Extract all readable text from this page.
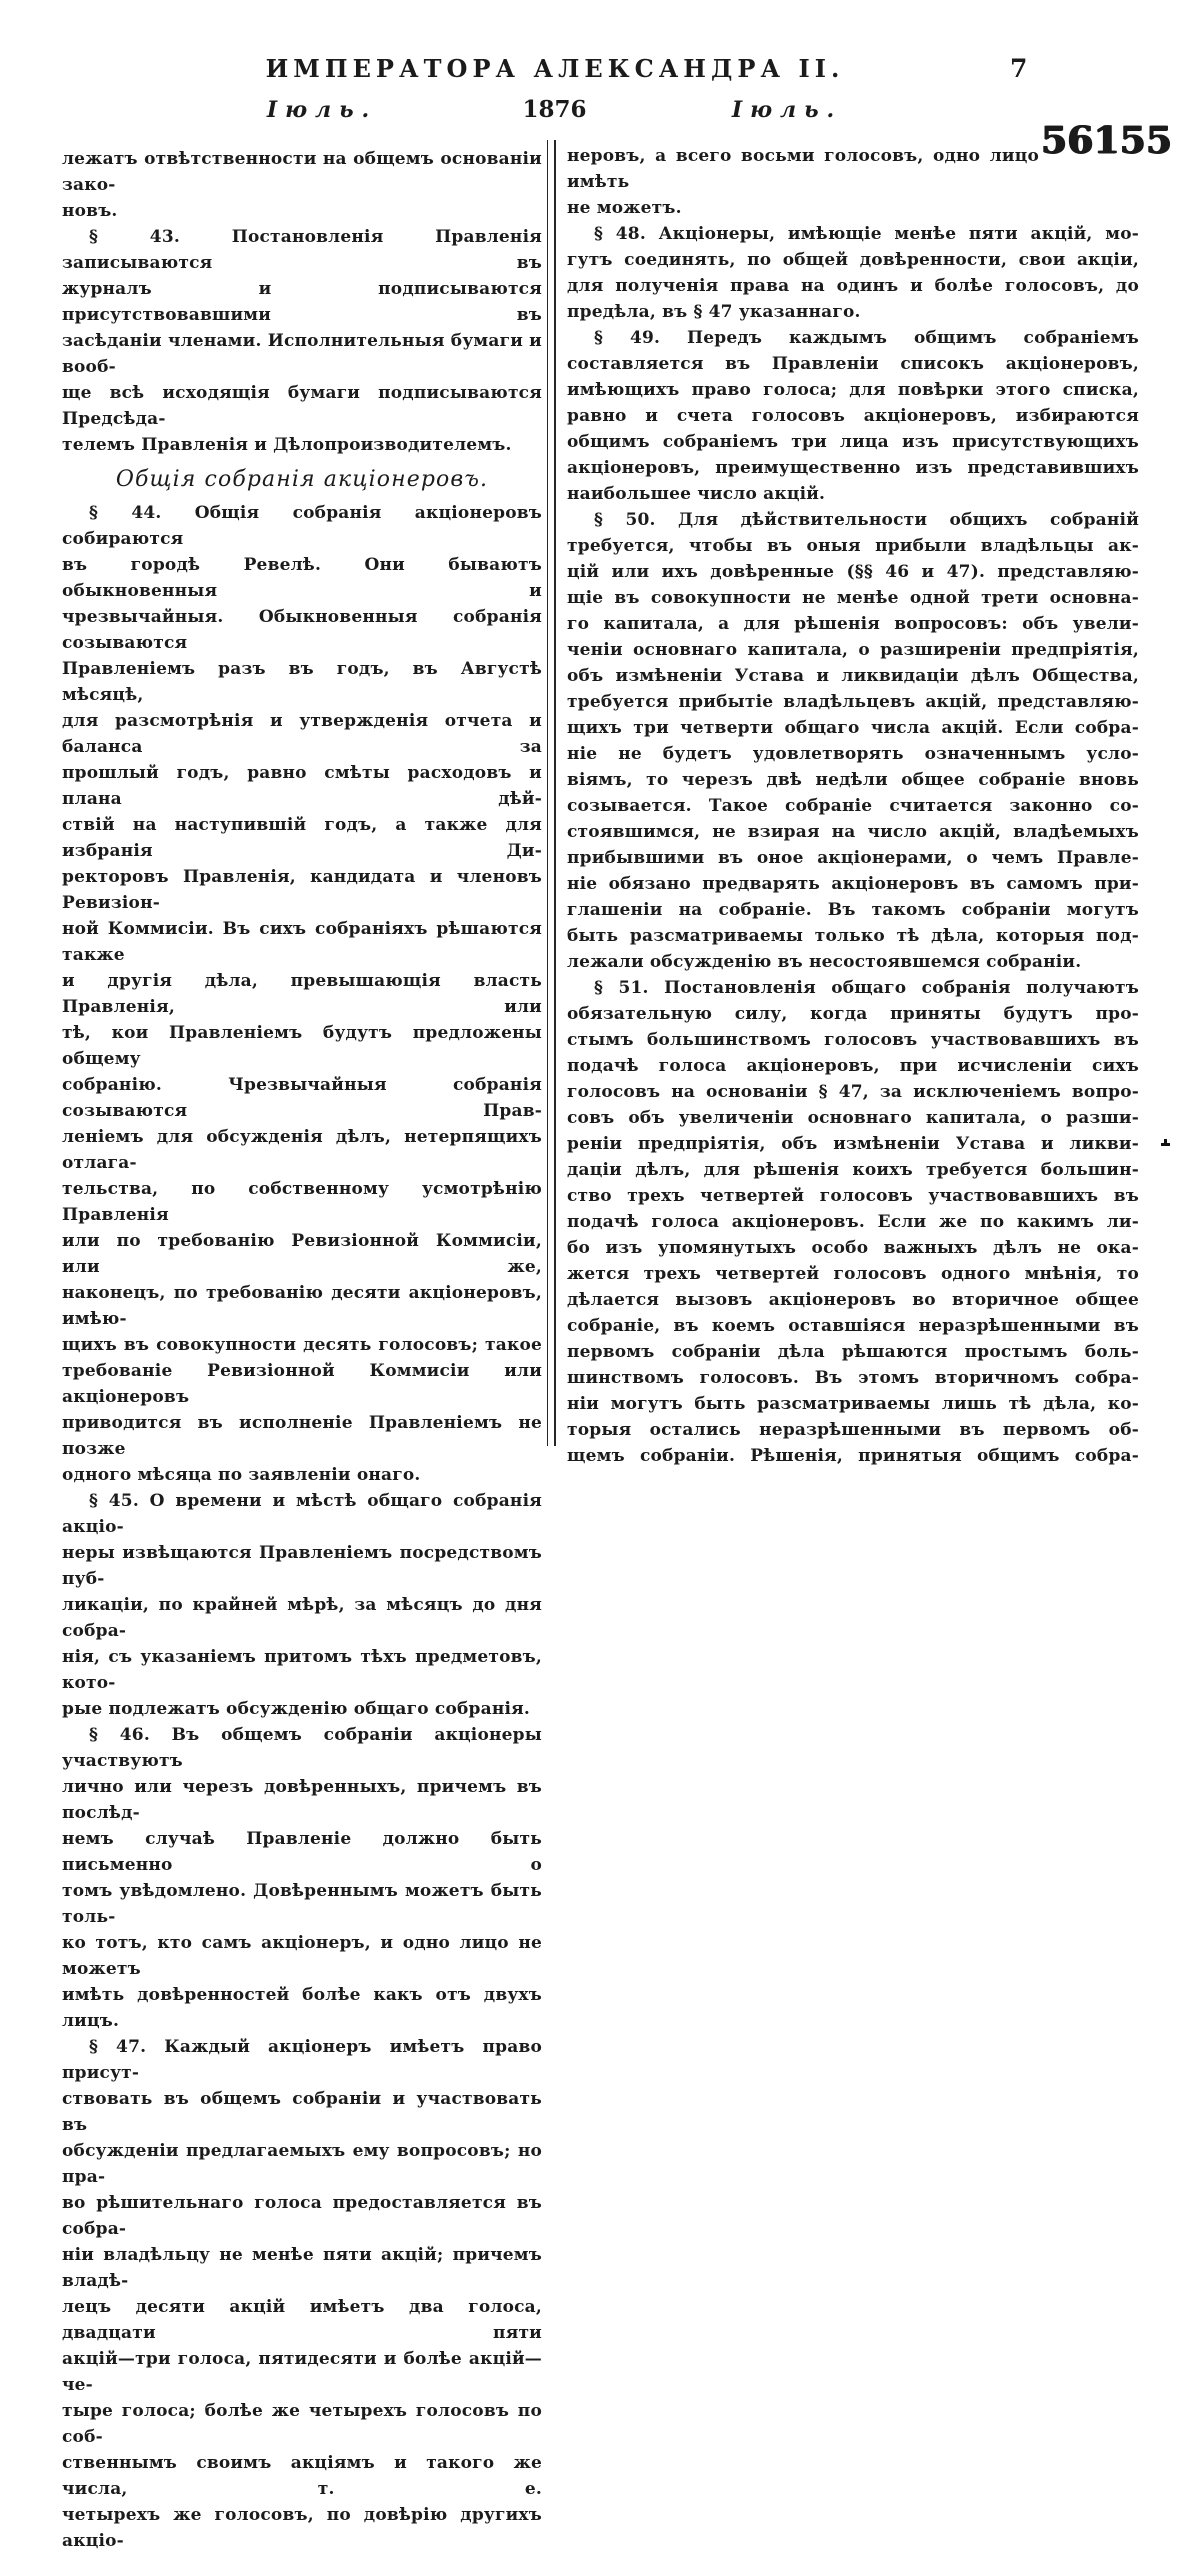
ИМПЕРАТОРА АЛЕКСАНДРА II.	7
Іюль.	1876	Іюль.
56155
лежатъ отвѣтственности на общемъ основаніи зако-
новъ.
§ 43. Постановленія Правленія записываются въ
журналъ и подписываются присутствовавшими въ
засѣданіи членами. Исполнительныя бумаги и вооб-
ще всѣ исходящія бумаги подписываются Предсѣда-
телемъ Правленія и Дѣлопроизводителемъ.
Общія собранія акціонеровъ.
§ 44. Общія собранія акціонеровъ собираются
въ городѣ Ревелѣ. Они бываютъ обыкновенныя и
чрезвычайныя. Обыкновенныя собранія созываются
Правленіемъ разъ въ годъ, въ Августѣ мѣсяцѣ,
для разсмотрѣнія и утвержденія отчета и баланса за
прошлый годъ, равно смѣты расходовъ и плана дѣй-
ствій на наступившій годъ, а также для избранія Ди-
ректоровъ Правленія, кандидата и членовъ Ревизіон-
ной Коммисіи. Въ сихъ собраніяхъ рѣшаются также
и другія дѣла, превышающія власть Правленія, или
тѣ, кои Правленіемъ будутъ предложены общему
собранію. Чрезвычайныя собранія созываются Прав-
леніемъ для обсужденія дѣлъ, нетерпящихъ отлага-
тельства, по собственному усмотрѣнію Правленія
или по требованію Ревизіонной Коммисіи, или же,
наконецъ, по требованію десяти акціонеровъ, имѣю-
щихъ въ совокупности десять голосовъ; такое
требованіе Ревизіонной Коммисіи или акціонеровъ
приводится въ исполненіе Правленіемъ не позже
одного мѣсяца по заявленіи онаго.
§ 45. О времени и мѣстѣ общаго собранія акціо-
неры извѣщаются Правленіемъ посредствомъ пуб-
ликаціи, по крайней мѣрѣ, за мѣсяцъ до дня собра-
нія, съ указаніемъ притомъ тѣхъ предметовъ, кото-
рые подлежатъ обсужденію общаго собранія.
§ 46. Въ общемъ собраніи акціонеры участвуютъ
лично или черезъ довѣренныхъ, причемъ въ послѣд-
немъ случаѣ Правленіе должно быть письменно о
томъ увѣдомлено. Довѣреннымъ можетъ быть толь-
ко тотъ, кто самъ акціонеръ, и одно лицо не можетъ
имѣть довѣренностей болѣе какъ отъ двухъ лицъ.
§ 47. Каждый акціонеръ имѣетъ право присут-
ствовать въ общемъ собраніи и участвовать въ
обсужденіи предлагаемыхъ ему вопросовъ; но пра-
во рѣшительнаго голоса предоставляется въ собра-
ніи владѣльцу не менѣе пяти акцій; причемъ владѣ-
лецъ десяти акцій имѣетъ два голоса, двадцати пяти
акцій—три голоса, пятидесяти и болѣе акцій—че-
тыре голоса; болѣе же четырехъ голосовъ по соб-
ственнымъ своимъ акціямъ и такого же числа, т. е.
четырехъ же голосовъ, по довѣрію другихъ акціо-
неровъ, а всего восьми голосовъ, одно лицо имѣть
не можетъ.
§ 48. Акціонеры, имѣющіе менѣе пяти акцій, мо-
гутъ соединять, по общей довѣренности, свои акціи,
для полученія права на одинъ и болѣе голосовъ, до
предѣла, въ § 47 указаннаго.
§ 49. Передъ каждымъ общимъ собраніемъ
составляется въ Правленіи списокъ акціонеровъ,
имѣющихъ право голоса; для повѣрки этого списка,
равно и счета голосовъ акціонеровъ, избираются
общимъ собраніемъ три лица изъ присутствующихъ
акціонеровъ, преимущественно изъ представившихъ
наибольшее число акцій.
§ 50. Для дѣйствительности общихъ собраній
требуется, чтобы въ оныя прибыли владѣльцы ак-
цій или ихъ довѣренные (§§ 46 и 47). представляю-
щіе въ совокупности не менѣе одной трети основна-
го капитала, а для рѣшенія вопросовъ: объ увели-
ченіи основнаго капитала, о разширеніи предпріятія,
объ измѣненіи Устава и ликвидаціи дѣлъ Общества,
требуется прибытіе владѣльцевъ акцій, представляю-
щихъ три четверти общаго числа акцій. Если собра-
ніе не будетъ удовлетворять означеннымъ усло-
віямъ, то черезъ двѣ недѣли общее собраніе вновь
созывается. Такое собраніе считается законно со-
стоявшимся, не взирая на число акцій, владѣемыхъ
прибывшими въ оное акціонерами, о чемъ Правле-
ніе обязано предварять акціонеровъ въ самомъ при-
глашеніи на собраніе. Въ такомъ собраніи могутъ
быть разсматриваемы только тѣ дѣла, которыя под-
лежали обсужденію въ несостоявшемся собраніи.
§ 51. Постановленія общаго собранія получаютъ
обязательную силу, когда приняты будутъ про-
стымъ большинствомъ голосовъ участвовавшихъ въ
подачѣ голоса акціонеровъ, при исчисленіи сихъ
голосовъ на основаніи § 47, за исключеніемъ вопро-
совъ объ увеличеніи основнаго капитала, о разши-
реніи предпріятія, объ измѣненіи Устава и ликви-
даціи дѣлъ, для рѣшенія коихъ требуется большин-
ство трехъ четвертей голосовъ участвовавшихъ въ
подачѣ голоса акціонеровъ. Если же по какимъ ли-
бо изъ упомянутыхъ особо важныхъ дѣлъ не ока-
жется трехъ четвертей голосовъ одного мнѣнія, то
дѣлается вызовъ акціонеровъ во вторичное общее
собраніе, въ коемъ оставшіяся неразрѣшенными въ
первомъ собраніи дѣла рѣшаются простымъ боль-
шинствомъ голосовъ. Въ этомъ вторичномъ собра-
ніи могутъ быть разсматриваемы лишь тѣ дѣла, ко-
торыя остались неразрѣшенными въ первомъ об-
щемъ собраніи. Рѣшенія, принятыя общимъ собра-
